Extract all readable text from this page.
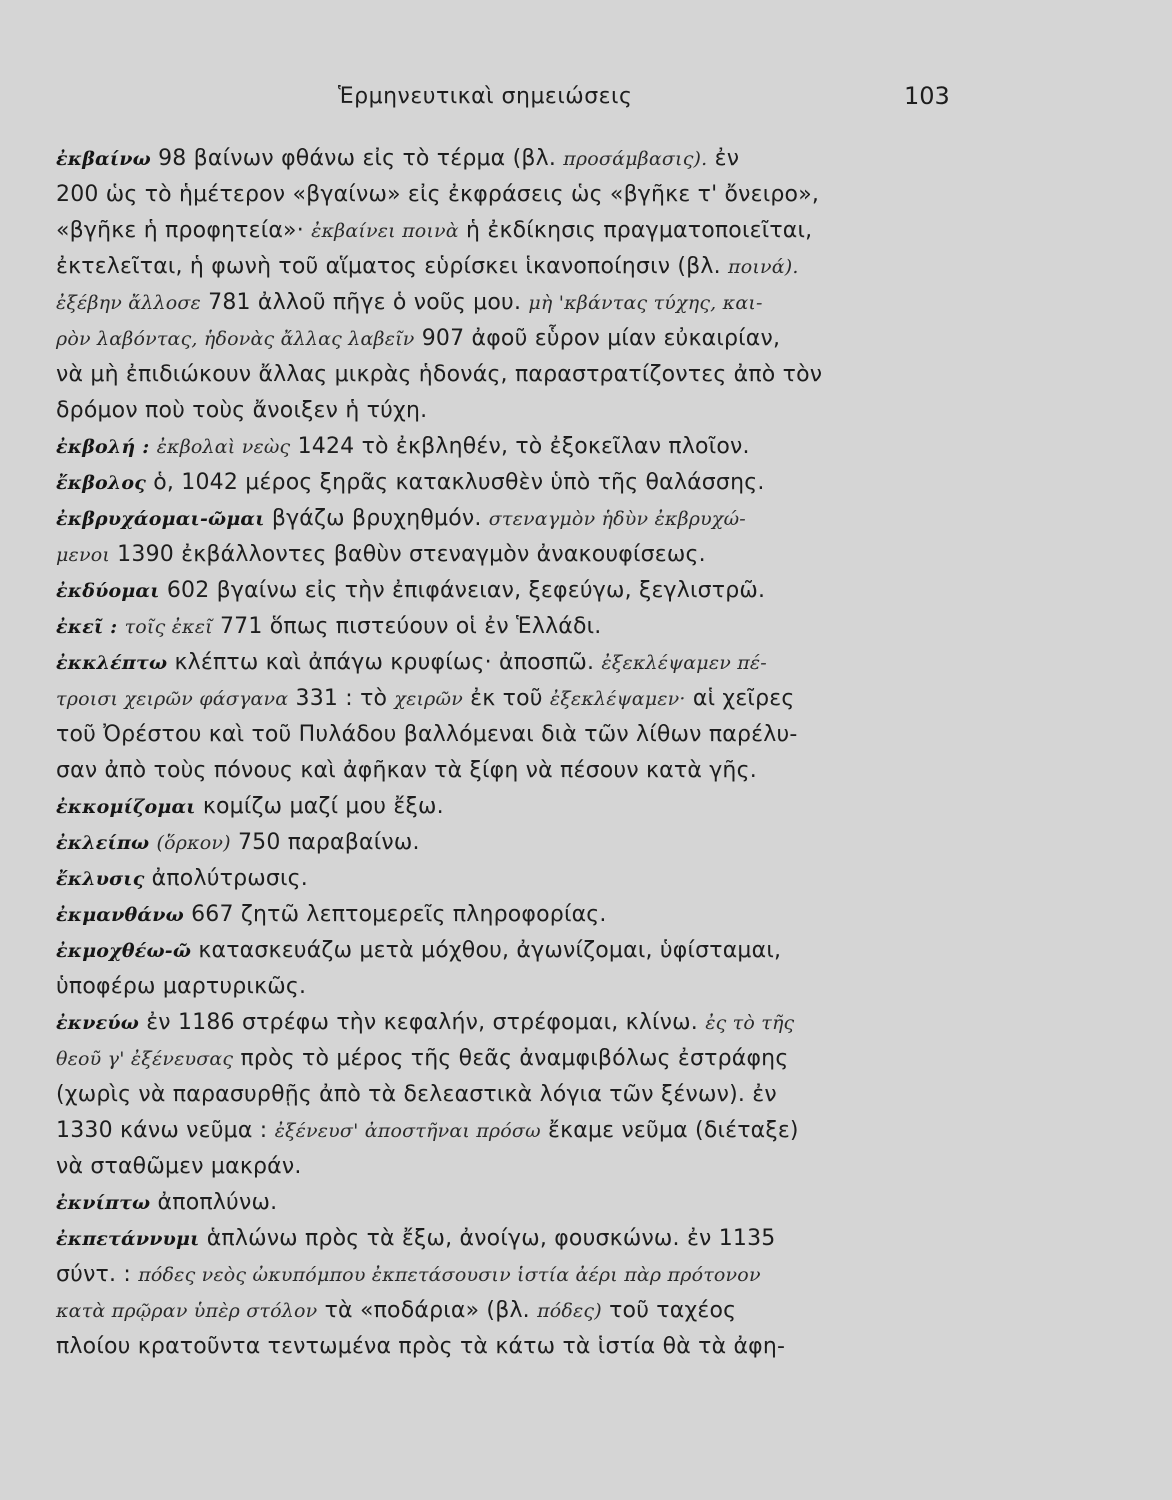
Ἑρμηνευτικαὶ σημειώσεις	103
ἐκβαίνω 98 βαίνων φθάνω εἰς τὸ τέρμα (βλ. προσάμβασις). ἐν
200 ὡς τὸ ἡμέτερον «βγαίνω» εἰς ἐκφράσεις ὡς «βγῆκε τ' ὄνειρο»,
«βγῆκε ἡ προφητεία»· ἐκβαίνει ποινὰ ἡ ἐκδίκησις πραγματοποιεῖται,
ἐκτελεῖται, ἡ φωνὴ τοῦ αἵματος εὑρίσκει ἱκανοποίησιν (βλ. ποινά).
ἐξέβην ἄλλοσε 781 ἀλλοῦ πῆγε ὁ νοῦς μου. μὴ 'κβάντας τύχης, και-
ρὸν λαβόντας, ἡδονὰς ἄλλας λαβεῖν 907 ἀφοῦ εὗρον μίαν εὐκαιρίαν,
νὰ μὴ ἐπιδιώκουν ἄλλας μικρὰς ἡδονάς, παραστρατίζοντες ἀπὸ τὸν
δρόμον ποὺ τοὺς ἄνοιξεν ἡ τύχη.
ἐκβολή : ἐκβολαὶ νεὼς 1424 τὸ ἐκβληθέν, τὸ ἐξοκεῖλαν πλοῖον.
ἔκβολος ὁ, 1042 μέρος ξηρᾶς κατακλυσθὲν ὑπὸ τῆς θαλάσσης.
ἐκβρυχάομαι-ῶμαι βγάζω βρυχηθμόν. στεναγμὸν ἡδὺν ἐκβρυχώ-
μενοι 1390 ἐκβάλλοντες βαθὺν στεναγμὸν ἀνακουφίσεως.
ἐκδύομαι 602 βγαίνω εἰς τὴν ἐπιφάνειαν, ξεφεύγω, ξεγλιστρῶ.
ἐκεῖ : τοῖς ἐκεῖ 771 ὅπως πιστεύουν οἱ ἐν Ἑλλάδι.
ἐκκλέπτω κλέπτω καὶ ἀπάγω κρυφίως· ἀποσπῶ. ἐξεκλέψαμεν πέ-
τροισι χειρῶν φάσγανα 331 : τὸ χειρῶν ἐκ τοῦ ἐξεκλέψαμεν· αἱ χεῖρες
τοῦ Ὀρέστου καὶ τοῦ Πυλάδου βαλλόμεναι διὰ τῶν λίθων παρέλυ-
σαν ἀπὸ τοὺς πόνους καὶ ἀφῆκαν τὰ ξίφη νὰ πέσουν κατὰ γῆς.
ἐκκομίζομαι κομίζω μαζί μου ἔξω.
ἐκλείπω (ὅρκον) 750 παραβαίνω.
ἔκλυσις ἀπολύτρωσις.
ἐκμανθάνω 667 ζητῶ λεπτομερεῖς πληροφορίας.
ἐκμοχθέω-ῶ κατασκευάζω μετὰ μόχθου, ἀγωνίζομαι, ὑφίσταμαι,
ὑποφέρω μαρτυρικῶς.
ἐκνεύω ἐν 1186 στρέφω τὴν κεφαλήν, στρέφομαι, κλίνω. ἐς τὸ τῆς
θεοῦ γ' ἐξένευσας πρὸς τὸ μέρος τῆς θεᾶς ἀναμφιβόλως ἐστράφης
(χωρὶς νὰ παρασυρθῇς ἀπὸ τὰ δελεαστικὰ λόγια τῶν ξένων). ἐν
1330 κάνω νεῦμα : ἐξένευσ' ἀποστῆναι πρόσω ἔκαμε νεῦμα (διέταξε)
νὰ σταθῶμεν μακράν.
ἐκνίπτω ἀποπλύνω.
ἐκπετάννυμι ἁπλώνω πρὸς τὰ ἔξω, ἀνοίγω, φουσκώνω. ἐν 1135
σύντ. : πόδες νεὸς ὠκυπόμπου ἐκπετάσουσιν ἱστία ἀέρι πὰρ πρότονον
κατὰ πρῷραν ὑπὲρ στόλον τὰ «ποδάρια» (βλ. πόδες) τοῦ ταχέος
πλοίου κρατοῦντα τεντωμένα πρὸς τὰ κάτω τὰ ἱστία θὰ τὰ ἀφη-
